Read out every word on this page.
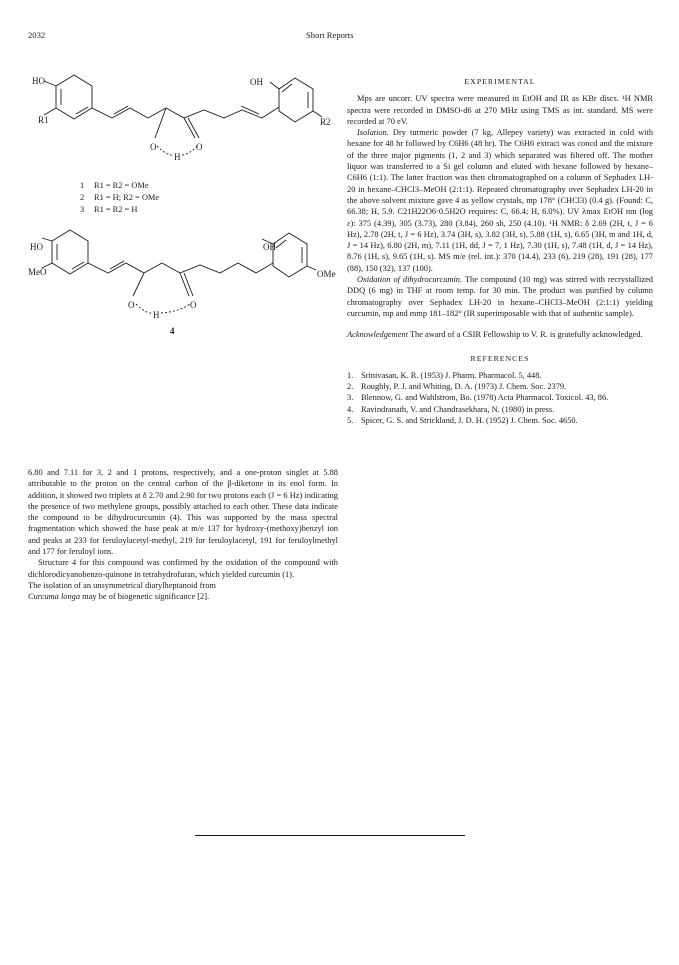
2032	Short Reports
HO
R1
OH
R2
O	O
H
1 R1 = R2 = OMe
2 R1 = H; R2 = OMe
3 R1 = R2 = H
HO
MeO
OH
OMe
O	O
H
4

6.80 and 7.11 for 3, 2 and 1 protons, respectively, and a one-proton singlet at 5.88 attributable to the proton on the central carbon of the β-diketone in its enol form. In addition, it showed two triplets at δ 2.70 and 2.90 for two protons each (J = 6 Hz) indicating the presence of two methylene groups, possibly attached to each other. These data indicate the compound to be dihydrocurcumin (4). This was supported by the mass spectral fragmentation which showed the base peak at m/e 137 for hydroxy-(methoxy)benzyl ion and peaks at 233 for feruloylacetyl-methyl, 219 for feruloylacetyl, 191 for feruloylmethyl and 177 for feruloyl ions.

Structure 4 for this compound was confirmed by the oxidation of the compound with dichlorodicyanobenzo-quinone in tetrahydrofuran, which yielded curcumin (1).

The isolation of an unsymmetrical diarylheptanoid from
Curcuma longa may be of biogenetic significance [2].

EXPERIMENTAL

Mps are uncorr. UV spectra were measured in EtOH and IR as KBr discs. ¹H NMR spectra were recorded in DMSO-d6 at 270 MHz using TMS as int. standard. MS were recorded at 70 eV.

Isolation. Dry turmeric powder (7 kg, Allepey variety) was extracted in cold with hexane for 48 hr followed by C6H6 (48 hr). The C6H6 extract was concd and the mixture of the three major pigments (1, 2 and 3) which separated was filtered off. The mother liquor was transferred to a Si gel column and eluted with hexane followed by hexane–C6H6 (1:1). The latter fraction was then chromatographed on a column of Sephadex LH-20 in hexane–CHCl3–MeOH (2:1:1). Repeated chromatography over Sephadex LH-20 in the above solvent mixture gave 4 as yellow crystals, mp 178° (CHCl3) (0.4 g). (Found: C, 66.38; H, 5.9. C21H22O6·0.5H2O requires: C, 66.4; H, 6.0%). UV λmax EtOH nm (log ε): 375 (4.39), 305 (3.73), 280 (3.84), 260 sh, 250 (4.10). ¹H NMR: δ 2.69 (2H, t, J = 6 Hz), 2.78 (2H, t, J = 6 Hz), 3.74 (3H, s), 3.82 (3H, s), 5.88 (1H, s), 6.65 (3H, m and 1H, d, J = 14 Hz), 6.80 (2H, m), 7.11 (1H, dd, J = 7, 1 Hz), 7.30 (1H, s), 7.48 (1H, d, J = 14 Hz), 8.76 (1H, s), 9.65 (1H, s). MS m/e (rel. int.): 370 (14.4), 233 (6), 219 (28), 191 (28), 177 (88), 150 (32), 137 (100).

Oxidation of dihydrocurcumin. The compound (10 mg) was stirred with recrystallized DDQ (6 mg) in THF at room temp. for 30 min. The product was purified by column chromatography over Sephadex LH-20 in hexane–CHCl3–MeOH (2:1:1) yielding curcumin, mp and mmp 181–182° (IR superimposable with that of authentic sample).

Acknowledgement The award of a CSIR Fellowship to V. R. is gratefully acknowledged.

REFERENCES
1. Srinivasan, K. R. (1953) J. Pharm. Pharmacol. 5, 448.
2. Roughly, P. J. and Whiting, D. A. (1973) J. Chem. Soc. 2379.
3. Blennow, G. and Wahlstrom, Bo. (1978) Acta Pharmacol. Toxicol. 43, 86.
4. Ravindranath, V. and Chandrasekhara, N. (1980) in press.
5. Spicer, G. S. and Strickland, J. D. H. (1952) J. Chem. Soc. 4650.
